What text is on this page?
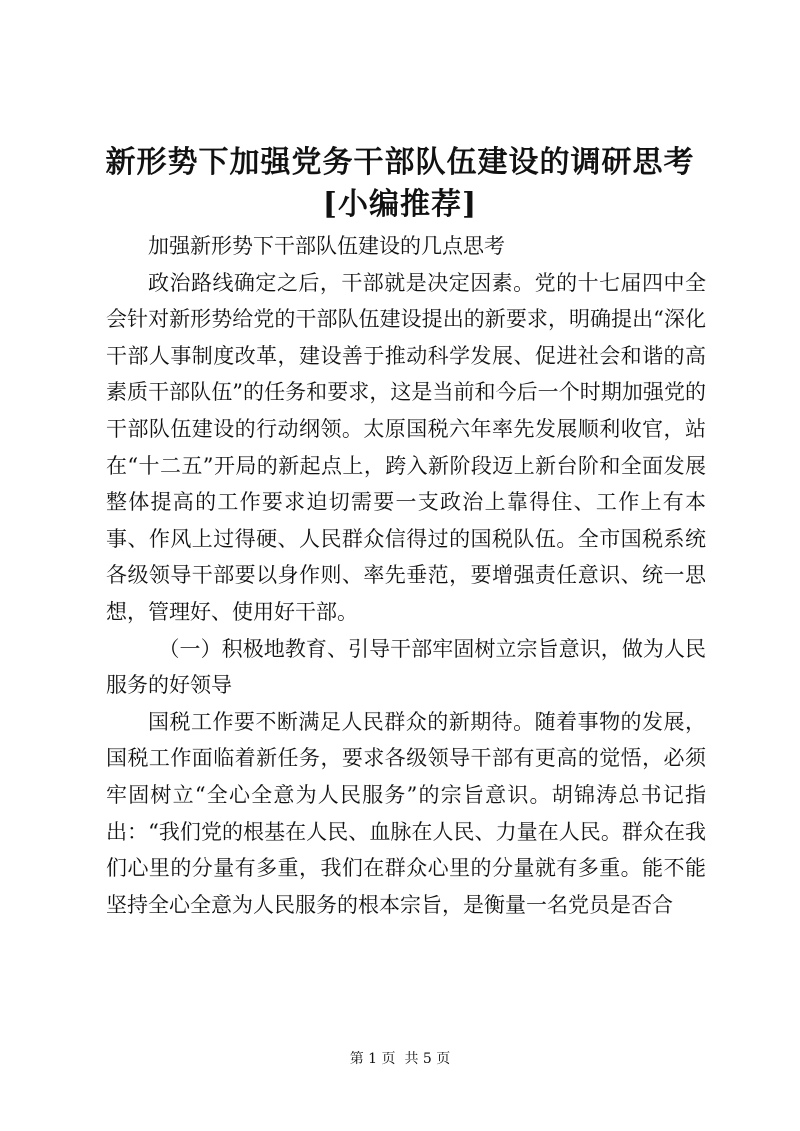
新形势下加强党务干部队伍建设的调研思考
[小编推荐]

加强新形势下干部队伍建设的几点思考

政治路线确定之后，干部就是决定因素。党的十七届四中全会针对新形势给党的干部队伍建设提出的新要求，明确提出“深化干部人事制度改革，建设善于推动科学发展、促进社会和谐的高素质干部队伍”的任务和要求，这是当前和今后一个时期加强党的干部队伍建设的行动纲领。太原国税六年率先发展顺利收官，站在“十二五”开局的新起点上，跨入新阶段迈上新台阶和全面发展整体提高的工作要求迫切需要一支政治上靠得住、工作上有本事、作风上过得硬、人民群众信得过的国税队伍。全市国税系统各级领导干部要以身作则、率先垂范，要增强责任意识、统一思想，管理好、使用好干部。

（一）积极地教育、引导干部牢固树立宗旨意识，做为人民服务的好领导

国税工作要不断满足人民群众的新期待。随着事物的发展，国税工作面临着新任务，要求各级领导干部有更高的觉悟，必须牢固树立“全心全意为人民服务”的宗旨意识。胡锦涛总书记指出：“我们党的根基在人民、血脉在人民、力量在人民。群众在我们心里的分量有多重，我们在群众心里的分量就有多重。能不能坚持全心全意为人民服务的根本宗旨，是衡量一名党员是否合

第 1 页  共 5 页
